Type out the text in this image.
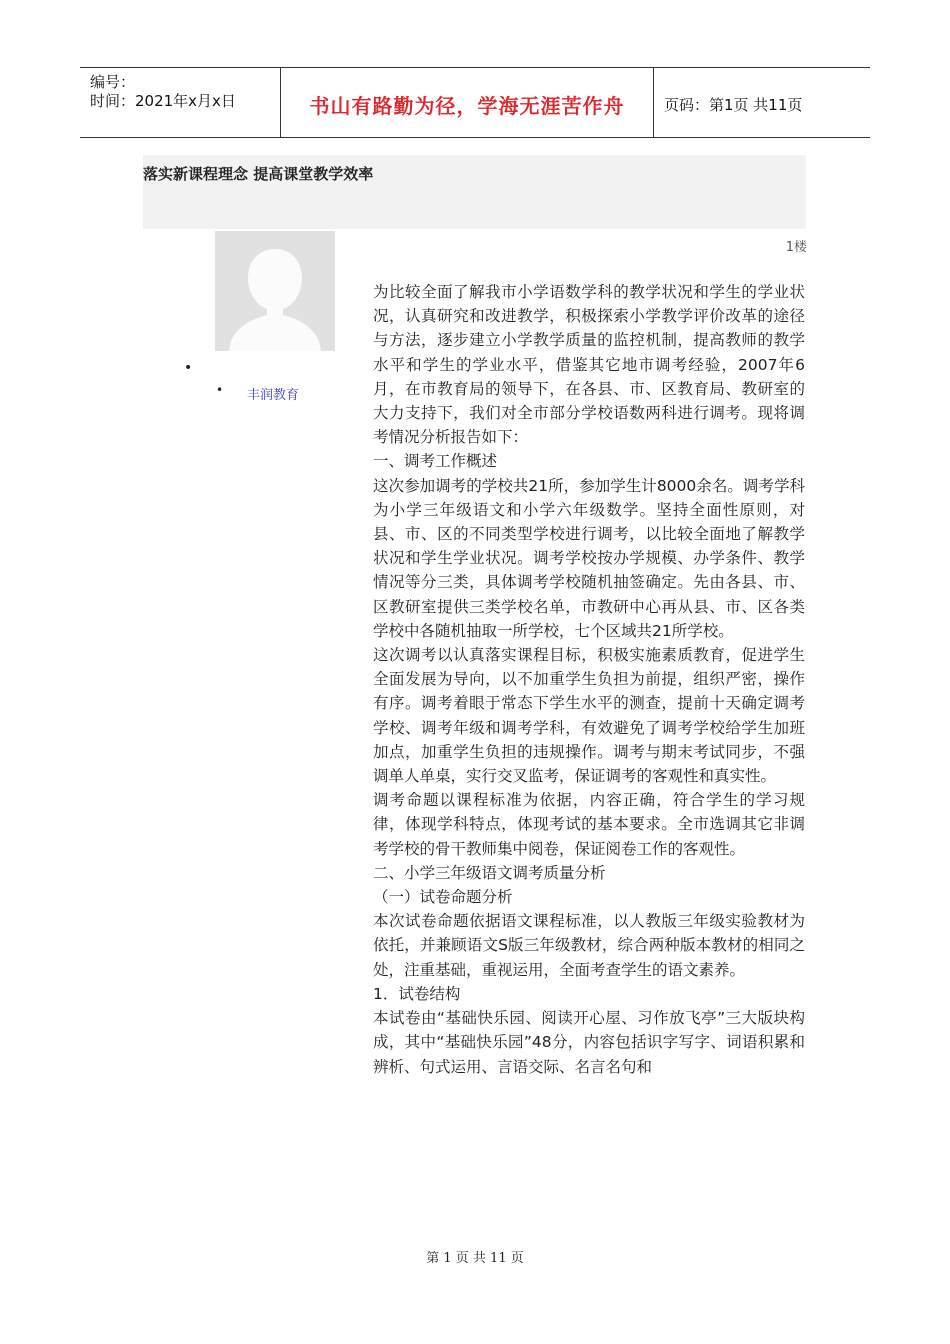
编号：
时间：2021年x月x日	书山有路勤为径，学海无涯苦作舟	页码：第1页 共11页
落实新课程理念 提高课堂教学效率
1楼
•
• 丰润教育

为比较全面了解我市小学语数学科的教学状况和学生的学业状况，认真研究和改进教学，积极探索小学教学评价改革的途径与方法，逐步建立小学教学质量的监控机制，提高教师的教学水平和学生的学业水平，借鉴其它地市调考经验，2007年6月，在市教育局的领导下，在各县、市、区教育局、教研室的大力支持下，我们对全市部分学校语数两科进行调考。现将调考情况分析报告如下：

一、调考工作概述

这次参加调考的学校共21所，参加学生计8000余名。调考学科为小学三年级语文和小学六年级数学。坚持全面性原则，对县、市、区的不同类型学校进行调考，以比较全面地了解教学状况和学生学业状况。调考学校按办学规模、办学条件、教学情况等分三类，具体调考学校随机抽签确定。先由各县、市、区教研室提供三类学校名单，市教研中心再从县、市、区各类学校中各随机抽取一所学校，七个区域共21所学校。

这次调考以认真落实课程目标，积极实施素质教育，促进学生全面发展为导向，以不加重学生负担为前提，组织严密，操作有序。调考着眼于常态下学生水平的测查，提前十天确定调考学校、调考年级和调考学科，有效避免了调考学校给学生加班加点，加重学生负担的违规操作。调考与期末考试同步，不强调单人单桌，实行交叉监考，保证调考的客观性和真实性。

调考命题以课程标准为依据，内容正确，符合学生的学习规律，体现学科特点，体现考试的基本要求。全市选调其它非调考学校的骨干教师集中阅卷，保证阅卷工作的客观性。

二、小学三年级语文调考质量分析

（一）试卷命题分析

本次试卷命题依据语文课程标准，以人教版三年级实验教材为依托，并兼顾语文S版三年级教材，综合两种版本教材的相同之处，注重基础，重视运用，全面考查学生的语文素养。

1．试卷结构

本试卷由“基础快乐园、阅读开心屋、习作放飞亭”三大版块构成，其中“基础快乐园”48分，内容包括识字写字、词语积累和辨析、句式运用、言语交际、名言名句和

第 1 页 共 11 页
